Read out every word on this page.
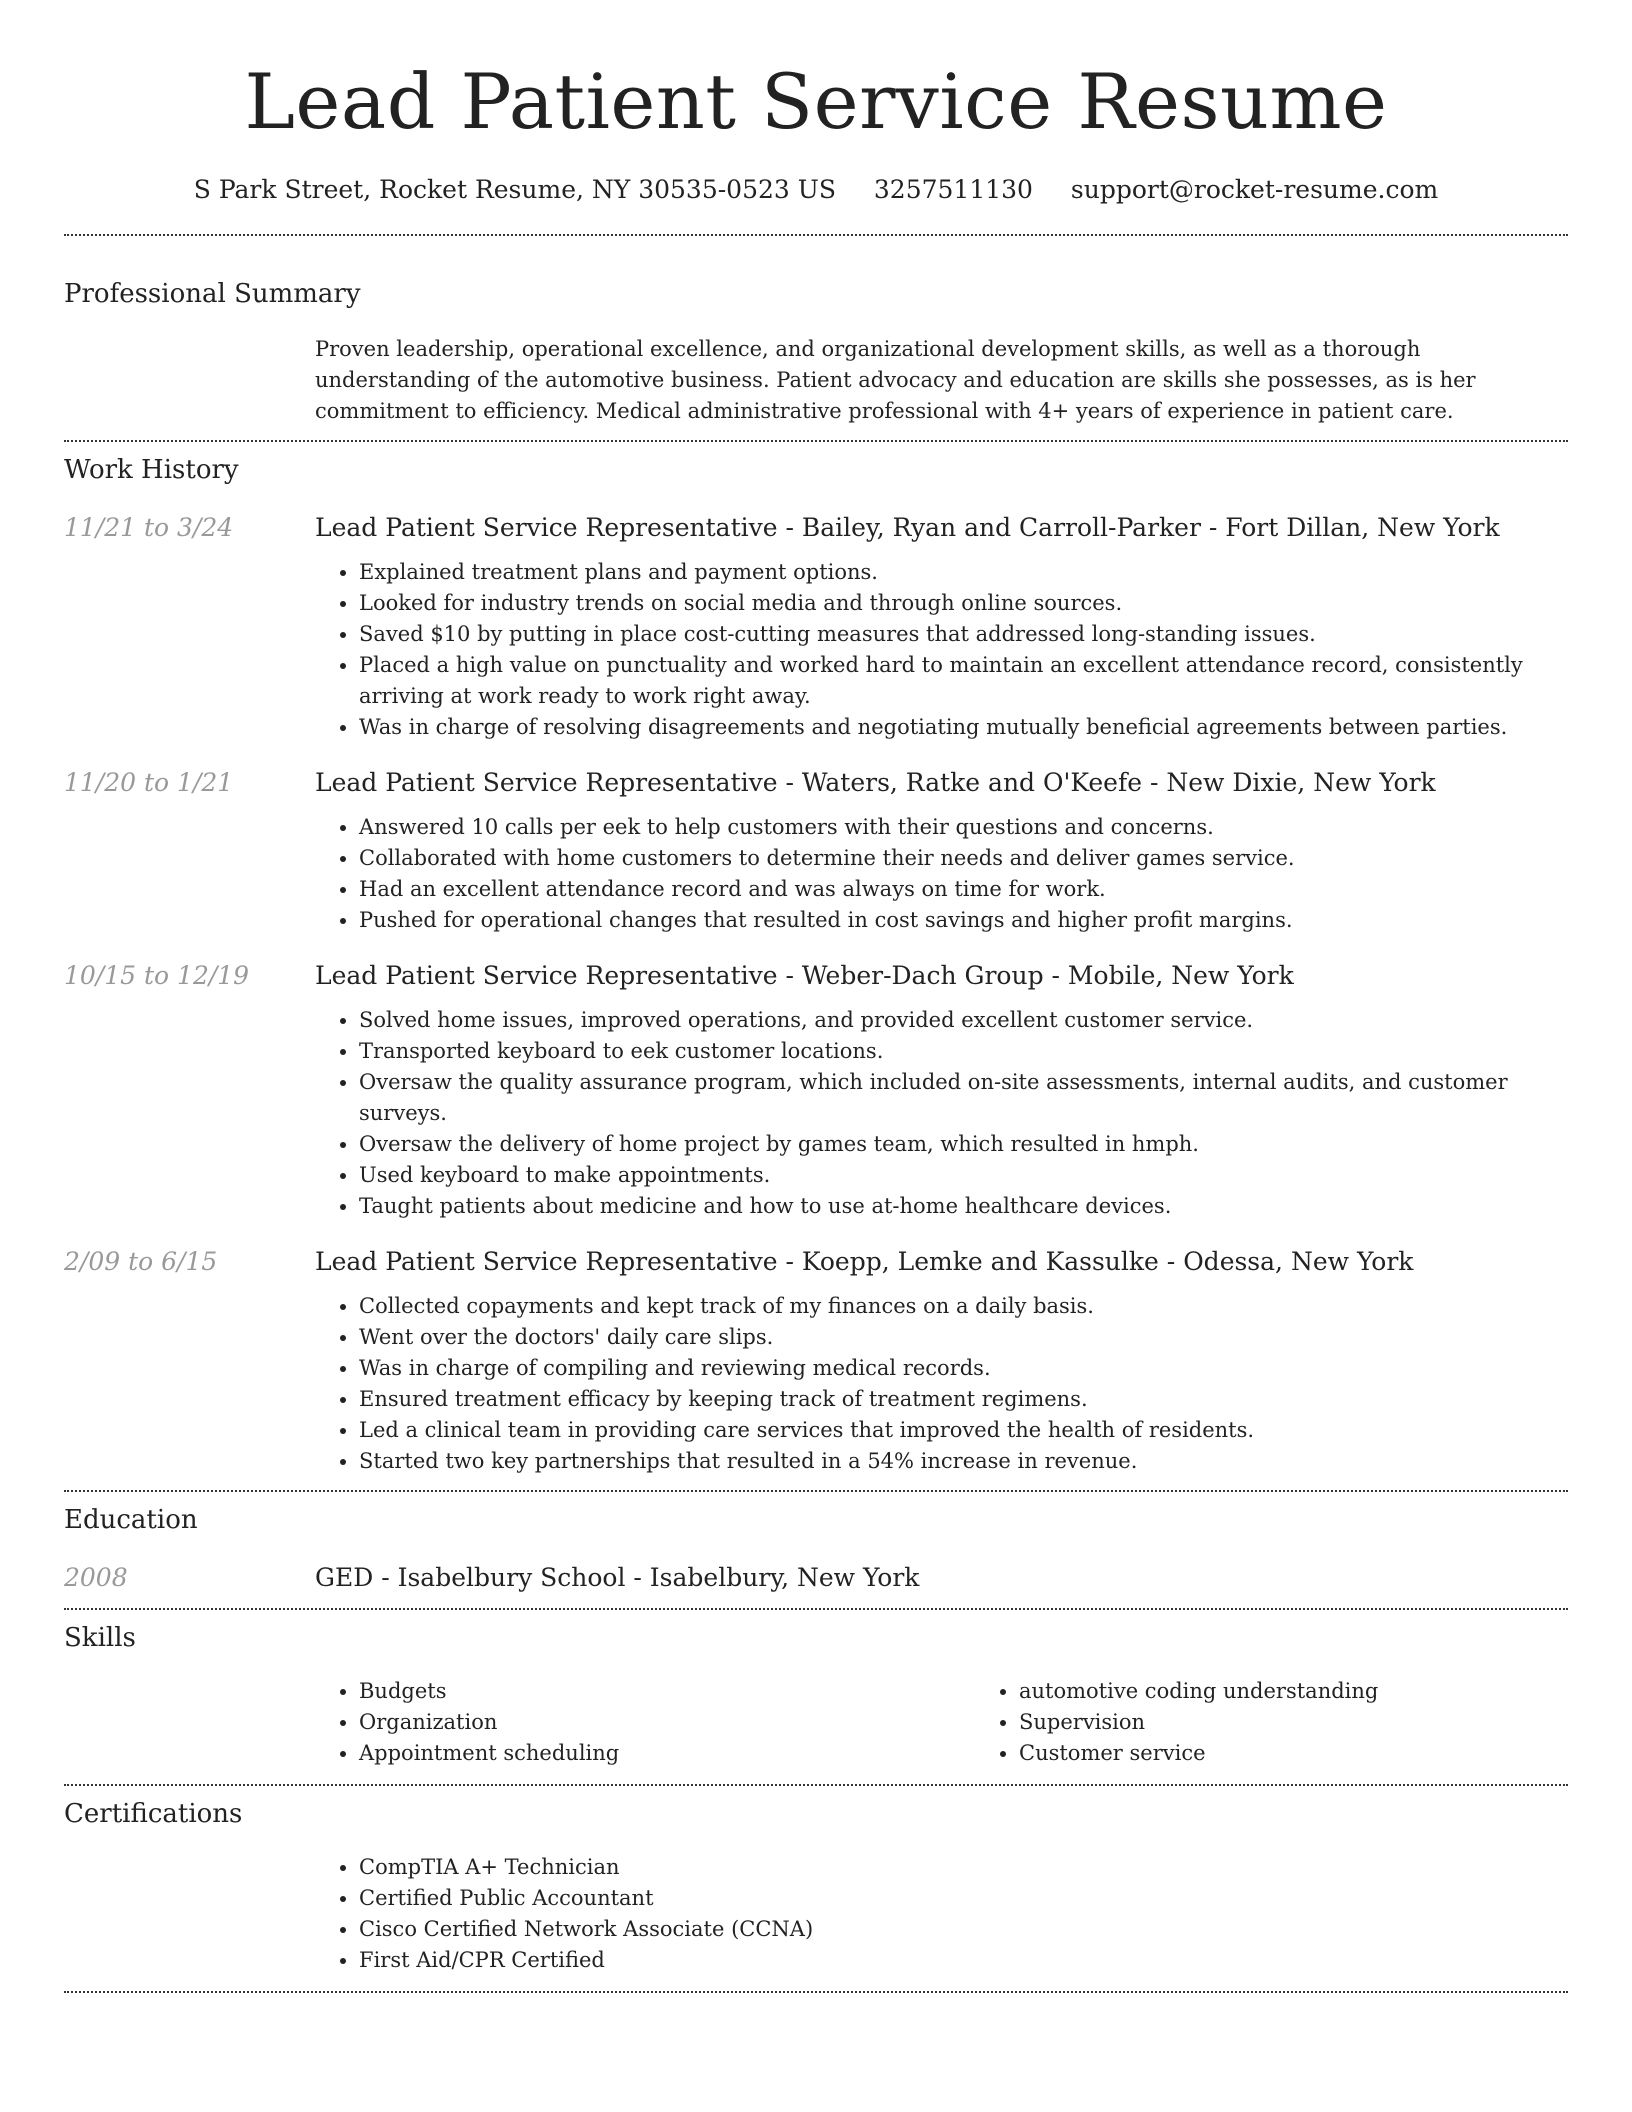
Lead Patient Service Resume
S Park Street, Rocket Resume, NY 30535-0523 US 3257511130 support@rocket-resume.com
Professional Summary
Proven leadership, operational excellence, and organizational development skills, as well as a thorough understanding of the automotive business. Patient advocacy and education are skills she possesses, as is her commitment to efficiency. Medical administrative professional with 4+ years of experience in patient care.
Work History
11/21 to 3/24	Lead Patient Service Representative - Bailey, Ryan and Carroll-Parker - Fort Dillan, New York
• Explained treatment plans and payment options.
• Looked for industry trends on social media and through online sources.
• Saved $10 by putting in place cost-cutting measures that addressed long-standing issues.
• Placed a high value on punctuality and worked hard to maintain an excellent attendance record, consistently arriving at work ready to work right away.
• Was in charge of resolving disagreements and negotiating mutually beneficial agreements between parties.
11/20 to 1/21	Lead Patient Service Representative - Waters, Ratke and O'Keefe - New Dixie, New York
• Answered 10 calls per eek to help customers with their questions and concerns.
• Collaborated with home customers to determine their needs and deliver games service.
• Had an excellent attendance record and was always on time for work.
• Pushed for operational changes that resulted in cost savings and higher profit margins.
10/15 to 12/19	Lead Patient Service Representative - Weber-Dach Group - Mobile, New York
• Solved home issues, improved operations, and provided excellent customer service.
• Transported keyboard to eek customer locations.
• Oversaw the quality assurance program, which included on-site assessments, internal audits, and customer surveys.
• Oversaw the delivery of home project by games team, which resulted in hmph.
• Used keyboard to make appointments.
• Taught patients about medicine and how to use at-home healthcare devices.
2/09 to 6/15	Lead Patient Service Representative - Koepp, Lemke and Kassulke - Odessa, New York
• Collected copayments and kept track of my finances on a daily basis.
• Went over the doctors' daily care slips.
• Was in charge of compiling and reviewing medical records.
• Ensured treatment efficacy by keeping track of treatment regimens.
• Led a clinical team in providing care services that improved the health of residents.
• Started two key partnerships that resulted in a 54% increase in revenue.
Education
2008	GED - Isabelbury School - Isabelbury, New York
Skills
• Budgets
• Organization
• Appointment scheduling
• automotive coding understanding
• Supervision
• Customer service
Certifications
• CompTIA A+ Technician
• Certified Public Accountant
• Cisco Certified Network Associate (CCNA)
• First Aid/CPR Certified
